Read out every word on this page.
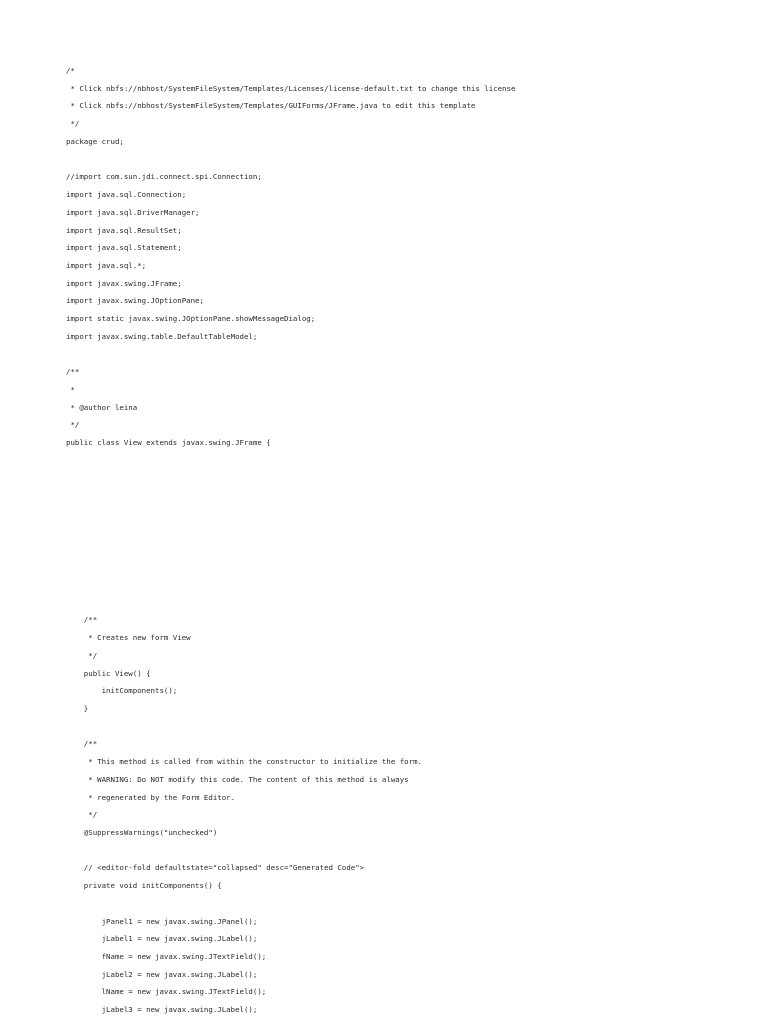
/*
* Click nbfs://nbhost/SystemFileSystem/Templates/Licenses/license-default.txt to change this license
* Click nbfs://nbhost/SystemFileSystem/Templates/GUIForms/JFrame.java to edit this template
*/
package crud;
//import com.sun.jdi.connect.spi.Connection;
import java.sql.Connection;
import java.sql.DriverManager;
import java.sql.ResultSet;
import java.sql.Statement;
import java.sql.*;
import javax.swing.JFrame;
import javax.swing.JOptionPane;
import static javax.swing.JOptionPane.showMessageDialog;
import javax.swing.table.DefaultTableModel;
/**
*
* @author leina
*/
public class View extends javax.swing.JFrame {
/**
* Creates new form View
*/
public View() {
initComponents();
}
/**
* This method is called from within the constructor to initialize the form.
* WARNING: Do NOT modify this code. The content of this method is always
* regenerated by the Form Editor.
*/
@SuppressWarnings("unchecked")
// <editor-fold defaultstate="collapsed" desc="Generated Code">
private void initComponents() {
jPanel1 = new javax.swing.JPanel();
jLabel1 = new javax.swing.JLabel();
fName = new javax.swing.JTextField();
jLabel2 = new javax.swing.JLabel();
lName = new javax.swing.JTextField();
jLabel3 = new javax.swing.JLabel();
